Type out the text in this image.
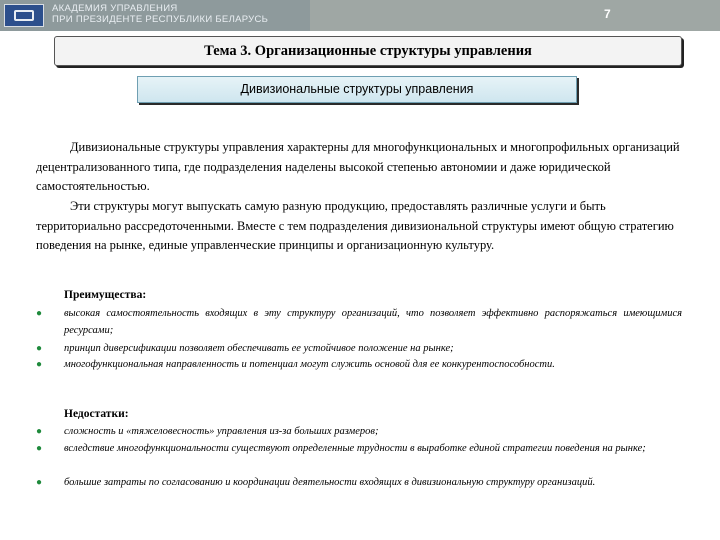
АКАДЕМИЯ УПРАВЛЕНИЯ
ПРИ ПРЕЗИДЕНТЕ РЕСПУБЛИКИ БЕЛАРУСЬ	7
Тема 3. Организационные структуры управления
Дивизиональные структуры управления

Дивизиональные структуры управления характерны для многофункциональных и многопрофильных организаций децентрализованного типа, где подразделения наделены высокой степенью автономии и даже юридической самостоятельностью.

Эти структуры могут выпускать самую разную продукцию, предоставлять различные услуги и быть территориально рассредоточенными. Вместе с тем подразделения дивизиональной структуры имеют общую стратегию поведения на рынке, единые управленческие принципы и организационную культуру.

Преимущества:

● высокая самостоятельность входящих в эту структуру организаций, что позволяет эффективно распоряжаться имеющимися ресурсами;

● принцип диверсификации позволяет обеспечивать ее устойчивое положение на рынке;

● многофункциональная направленность и потенциал могут служить основой для ее конкурентоспособности.

Недостатки:

● сложность и «тяжеловесность» управления из-за больших размеров;

● вследствие многофункциональности существуют определенные трудности в выработке единой стратегии поведения на рынке;

● большие затраты по согласованию и координации деятельности входящих в дивизиональную структуру организаций.
